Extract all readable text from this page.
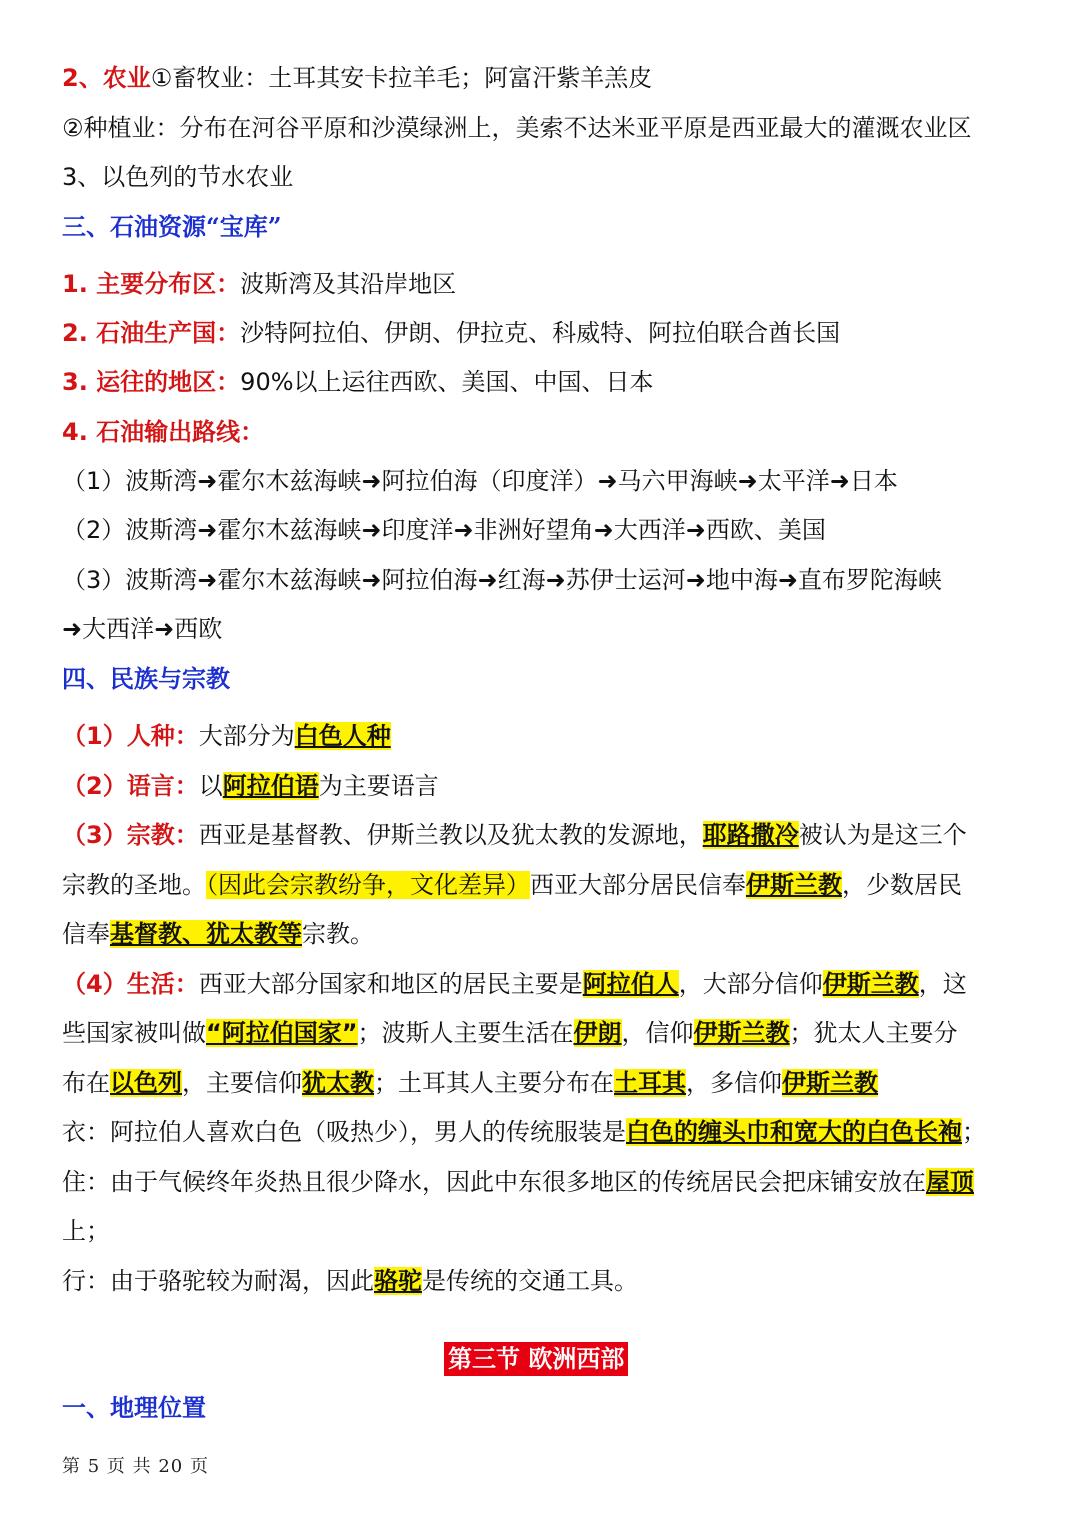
2、农业①畜牧业：土耳其安卡拉羊毛；阿富汗紫羊羔皮
②种植业：分布在河谷平原和沙漠绿洲上，美索不达米亚平原是西亚最大的灌溉农业区
3、以色列的节水农业
三、石油资源“宝库”
1. 主要分布区：波斯湾及其沿岸地区
2. 石油生产国：沙特阿拉伯、伊朗、伊拉克、科威特、阿拉伯联合酋长国
3. 运往的地区：90%以上运往西欧、美国、中国、日本
4. 石油输出路线：
（1）波斯湾➜霍尔木兹海峡➜阿拉伯海（印度洋）➜马六甲海峡➜太平洋➜日本
（2）波斯湾➜霍尔木兹海峡➜印度洋➜非洲好望角➜大西洋➜西欧、美国
（3）波斯湾➜霍尔木兹海峡➜阿拉伯海➜红海➜苏伊士运河➜地中海➜直布罗陀海峡
➜大西洋➜西欧
四、民族与宗教
（1）人种：大部分为白色人种
（2）语言：以阿拉伯语为主要语言
（3）宗教：西亚是基督教、伊斯兰教以及犹太教的发源地，耶路撒冷被认为是这三个
宗教的圣地。（因此会宗教纷争，文化差异）西亚大部分居民信奉伊斯兰教，少数居民
信奉基督教、犹太教等宗教。
（4）生活：西亚大部分国家和地区的居民主要是阿拉伯人，大部分信仰伊斯兰教，这
些国家被叫做“阿拉伯国家”；波斯人主要生活在伊朗，信仰伊斯兰教；犹太人主要分
布在以色列，主要信仰犹太教；土耳其人主要分布在土耳其，多信仰伊斯兰教
衣：阿拉伯人喜欢白色（吸热少），男人的传统服装是白色的缠头巾和宽大的白色长袍；
住：由于气候终年炎热且很少降水，因此中东很多地区的传统居民会把床铺安放在屋顶
上；
行：由于骆驼较为耐渴，因此骆驼是传统的交通工具。
第三节 欧洲西部
一、地理位置
第 5 页 共 20 页
